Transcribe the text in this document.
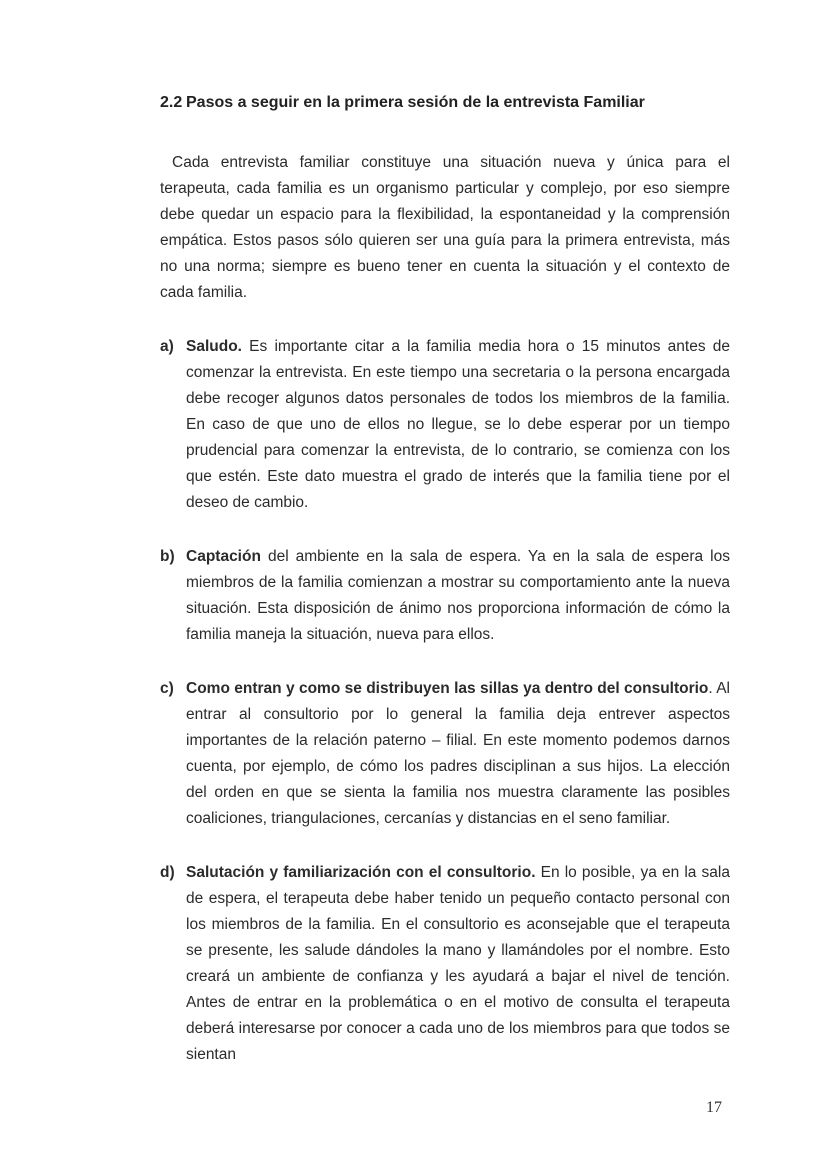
2.2 Pasos a seguir en la primera sesión de la entrevista Familiar

Cada entrevista familiar constituye una situación nueva y única para el terapeuta, cada familia es un organismo particular y complejo, por eso siempre debe quedar un espacio para la flexibilidad, la espontaneidad y la comprensión empática. Estos pasos sólo quieren ser una guía para la primera entrevista, más no una norma; siempre es bueno tener en cuenta la situación y el contexto de cada familia.

a) Saludo. Es importante citar a la familia media hora o 15 minutos antes de comenzar la entrevista. En este tiempo una secretaria o la persona encargada debe recoger algunos datos personales de todos los miembros de la familia. En caso de que uno de ellos no llegue, se lo debe esperar por un tiempo prudencial para comenzar la entrevista, de lo contrario, se comienza con los que estén. Este dato muestra el grado de interés que la familia tiene por el deseo de cambio.

b) Captación del ambiente en la sala de espera. Ya en la sala de espera los miembros de la familia comienzan a mostrar su comportamiento ante la nueva situación. Esta disposición de ánimo nos proporciona información de cómo la familia maneja la situación, nueva para ellos.

c) Como entran y como se distribuyen las sillas ya dentro del consultorio. Al entrar al consultorio por lo general la familia deja entrever aspectos importantes de la relación paterno – filial. En este momento podemos darnos cuenta, por ejemplo, de cómo los padres disciplinan a sus hijos. La elección del orden en que se sienta la familia nos muestra claramente las posibles coaliciones, triangulaciones, cercanías y distancias en el seno familiar.

d) Salutación y familiarización con el consultorio. En lo posible, ya en la sala de espera, el terapeuta debe haber tenido un pequeño contacto personal con los miembros de la familia. En el consultorio es aconsejable que el terapeuta se presente, les salude dándoles la mano y llamándoles por el nombre. Esto creará un ambiente de confianza y les ayudará a bajar el nivel de tención. Antes de entrar en la problemática o en el motivo de consulta el terapeuta deberá interesarse por conocer a cada uno de los miembros para que todos se sientan

17
